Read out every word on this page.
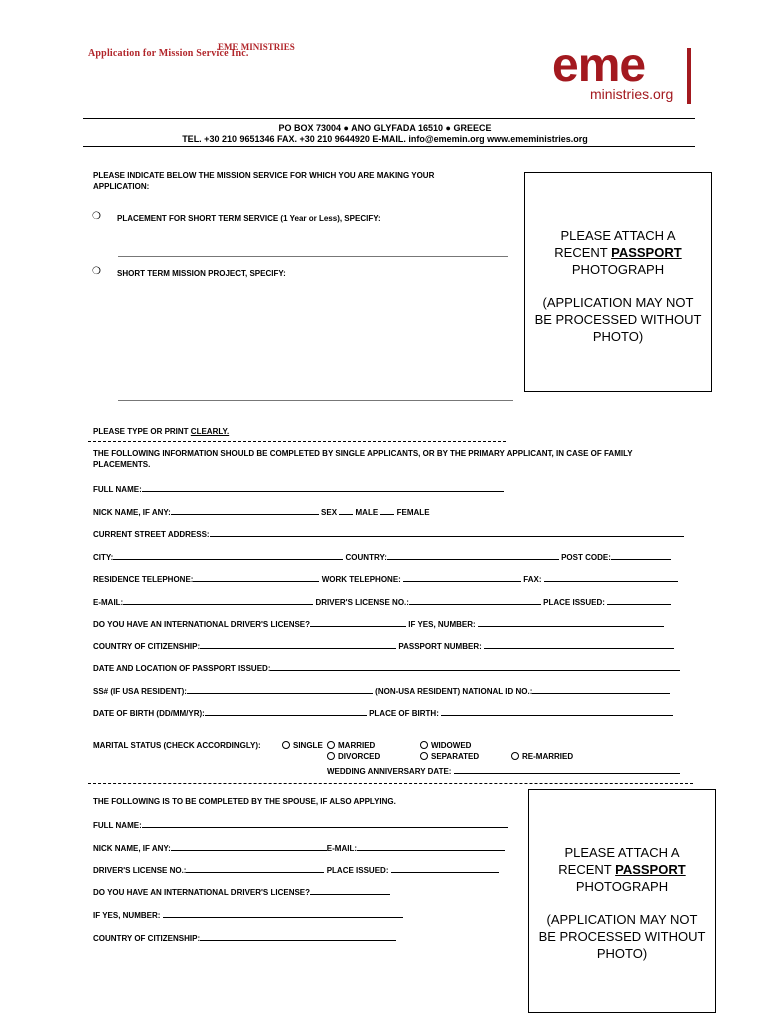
EME MINISTRIES
Application for Mission Service Inc.	eme
ministries.org
PO BOX 73004 ● ANO GLYFADA 16510 ● GREECE
TEL. +30 210 9651346 FAX. +30 210 9644920 E-MAIL. info@ememin.org www.emeministries.org
PLEASE INDICATE BELOW THE MISSION SERVICE FOR WHICH YOU ARE MAKING YOUR
APPLICATION:
❍ PLACEMENT FOR SHORT TERM SERVICE (1 Year or Less), SPECIFY:
❍ SHORT TERM MISSION PROJECT, SPECIFY:
PLEASE ATTACH A
RECENT PASSPORT
PHOTOGRAPH
(APPLICATION MAY NOT
BE PROCESSED WITHOUT
PHOTO)
PLEASE TYPE OR PRINT CLEARLY.
THE FOLLOWING INFORMATION SHOULD BE COMPLETED BY SINGLE APPLICANTS, OR BY THE PRIMARY APPLICANT, IN CASE OF FAMILY
PLACEMENTS.
FULL NAME:
NICK NAME, IF ANY:	SEX MALE FEMALE
CURRENT STREET ADDRESS:
CITY:	COUNTRY:	POST CODE:
RESIDENCE TELEPHONE:	WORK TELEPHONE:	FAX:
E-MAIL:	DRIVER'S LICENSE NO.:	PLACE ISSUED:
DO YOU HAVE AN INTERNATIONAL DRIVER'S LICENSE?	IF YES, NUMBER:
COUNTRY OF CITIZENSHIP:	PASSPORT NUMBER:
DATE AND LOCATION OF PASSPORT ISSUED:
SS# (IF USA RESIDENT):	(NON-USA RESIDENT) NATIONAL ID NO.:
DATE OF BIRTH (DD/MM/YR):	PLACE OF BIRTH:
MARITAL STATUS (CHECK ACCORDINGLY):	SINGLE	MARRIED	WIDOWED
DIVORCED	SEPARATED	RE-MARRIED
WEDDING ANNIVERSARY DATE:
THE FOLLOWING IS TO BE COMPLETED BY THE SPOUSE, IF ALSO APPLYING.
FULL NAME:
NICK NAME, IF ANY:	E-MAIL:
DRIVER'S LICENSE NO.:	PLACE ISSUED:
DO YOU HAVE AN INTERNATIONAL DRIVER'S LICENSE?
IF YES, NUMBER:
COUNTRY OF CITIZENSHIP:
PLEASE ATTACH A
RECENT PASSPORT
PHOTOGRAPH
(APPLICATION MAY NOT
BE PROCESSED WITHOUT
PHOTO)
